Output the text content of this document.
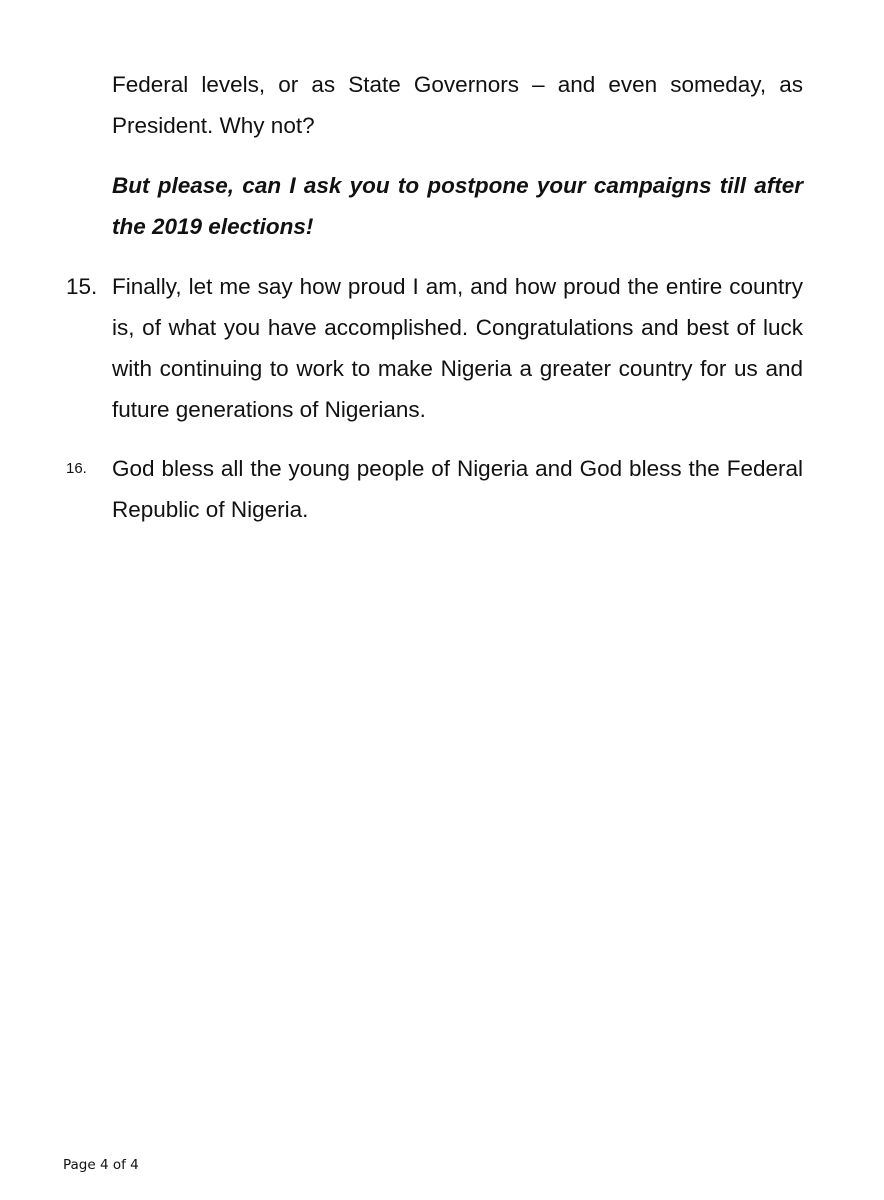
Federal levels, or as State Governors – and even someday, as President. Why not?

But please, can I ask you to postpone your campaigns till after the 2019 elections!

15. Finally, let me say how proud I am, and how proud the entire country is, of what you have accomplished. Congratulations and best of luck with continuing to work to make Nigeria a greater country for us and future generations of Nigerians.

16. God bless all the young people of Nigeria and God bless the Federal Republic of Nigeria.

Page 4 of 4
